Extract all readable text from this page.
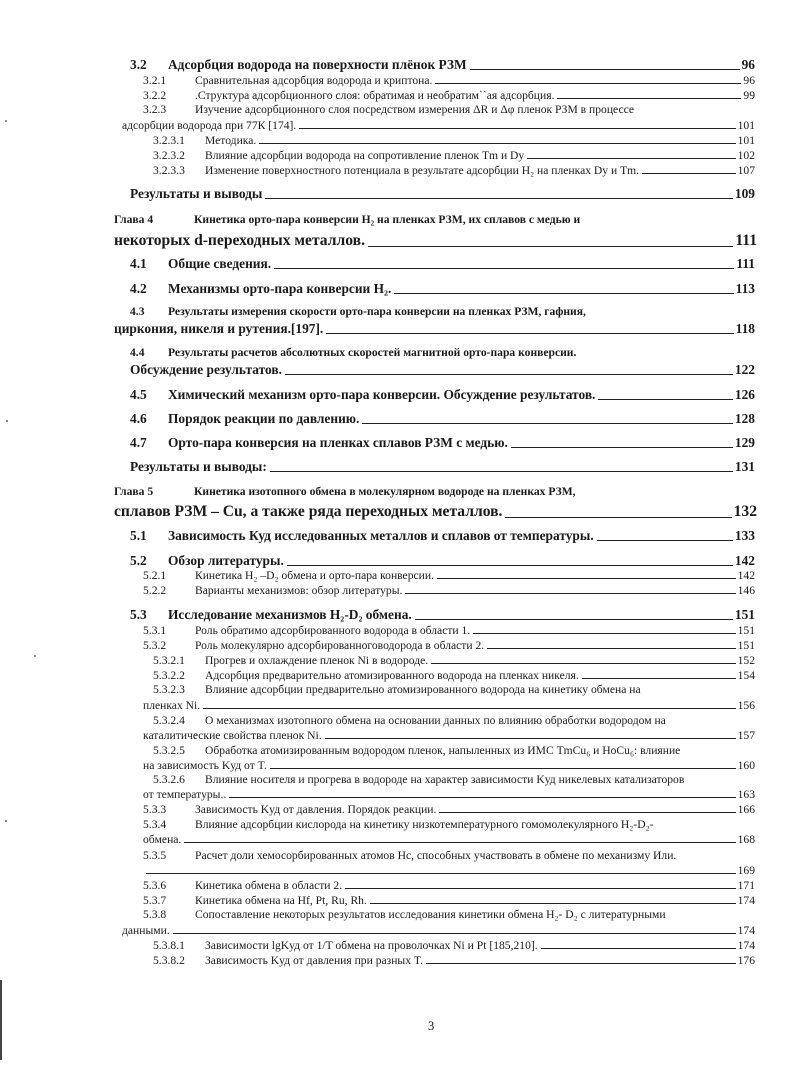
3.2 Адсорбция водорода на поверхности плёнок РЗМ	96
3.2.1 Сравнительная адсорбция водорода и криптона.	96
3.2.2 .Структура адсорбционного слоя: обратимая и необратим``ая адсорбция.	99
3.2.3 Изучение адсорбционного слоя посредством измерения ΔR и Δφ пленок РЗМ в процессе
адсорбции водорода при 77К [174].	101
3.2.3.1 Методика.	101
3.2.3.2 Влияние адсорбции водорода на сопротивление пленок Tm и Dy	102
3.2.3.3 Изменение поверхностного потенциала в результате адсорбции H₂ на пленках Dy и Tm.	107
Результаты и выводы	109
Глава 4	Кинетика орто-пара конверсии H₂ на пленках РЗМ, их сплавов с медью и
некоторых d-переходных металлов.	111
4.1 Общие сведения.	111
4.2 Механизмы орто-пара конверсии H₂.	113
4.3 Результаты измерения скорости орто-пара конверсии на пленках РЗМ, гафния,
циркония, никеля и рутения.[197].	118
4.4 Результаты расчетов абсолютных скоростей магнитной орто-пара конверсии.
Обсуждение результатов.	122
4.5 Химический механизм орто-пара конверсии. Обсуждение результатов.	126
4.6 Порядок реакции по давлению.	128
4.7 Орто-пара конверсия на пленках сплавов РЗМ с медью.	129
Результаты и выводы:	131
Глава 5	Кинетика изотопного обмена в молекулярном водороде на пленках РЗМ,
сплавов РЗМ – Cu, а также ряда переходных металлов.	132
5.1 Зависимость Куд исследованных металлов и сплавов от температуры.	133
5.2 Обзор литературы.	142
5.2.1 Кинетика H₂ –D₂ обмена и орто-пара конверсии.	142
5.2.2 Варианты механизмов: обзор литературы.	146
5.3 Исследование механизмов H₂-D₂ обмена.	151
5.3.1 Роль обратимо адсорбированного водорода в области 1.	151
5.3.2 Роль молекулярно адсорбированноговодорода в области 2.	151
5.3.2.1 Прогрев и охлаждение пленок Ni в водороде.	152
5.3.2.2 Адсорбция предварительно атомизированного водорода на пленках никеля.	154
5.3.2.3 Влияние адсорбции предварительно атомизированного водорода на кинетику обмена на
пленках Ni.	156
5.3.2.4 О механизмах изотопного обмена на основании данных по влиянию обработки водородом на
каталитические свойства пленок Ni.	157
5.3.2.5 Обработка атомизированным водородом пленок, напыленных из ИМС TmCu₆ и HoCu₆: влияние
на зависимость Kуд от T.	160
5.3.2.6 Влияние носителя и прогрева в водороде на характер зависимости Kуд никелевых катализаторов
от температуры..	163
5.3.3 Зависимость Kуд от давления. Порядок реакции.	166
5.3.4 Влияние адсорбции кислорода на кинетику низкотемпературного гомомолекулярного H₂-D₂-
обмена.	168
5.3.5 Расчет доли хемосорбированных атомов Hc, способных участвовать в обмене по механизму Или.
169
5.3.6 Кинетика обмена в области 2.	171
5.3.7 Кинетика обмена на Hf, Pt, Ru, Rh.	174
5.3.8 Сопоставление некоторых результатов исследования кинетики обмена H₂- D₂ с литературными
данными.	174
5.3.8.1 Зависимости lgKуд от 1/T обмена на проволочках Ni и Pt [185,210].	174
5.3.8.2 Зависимость Kуд от давления при разных T.	176
3
